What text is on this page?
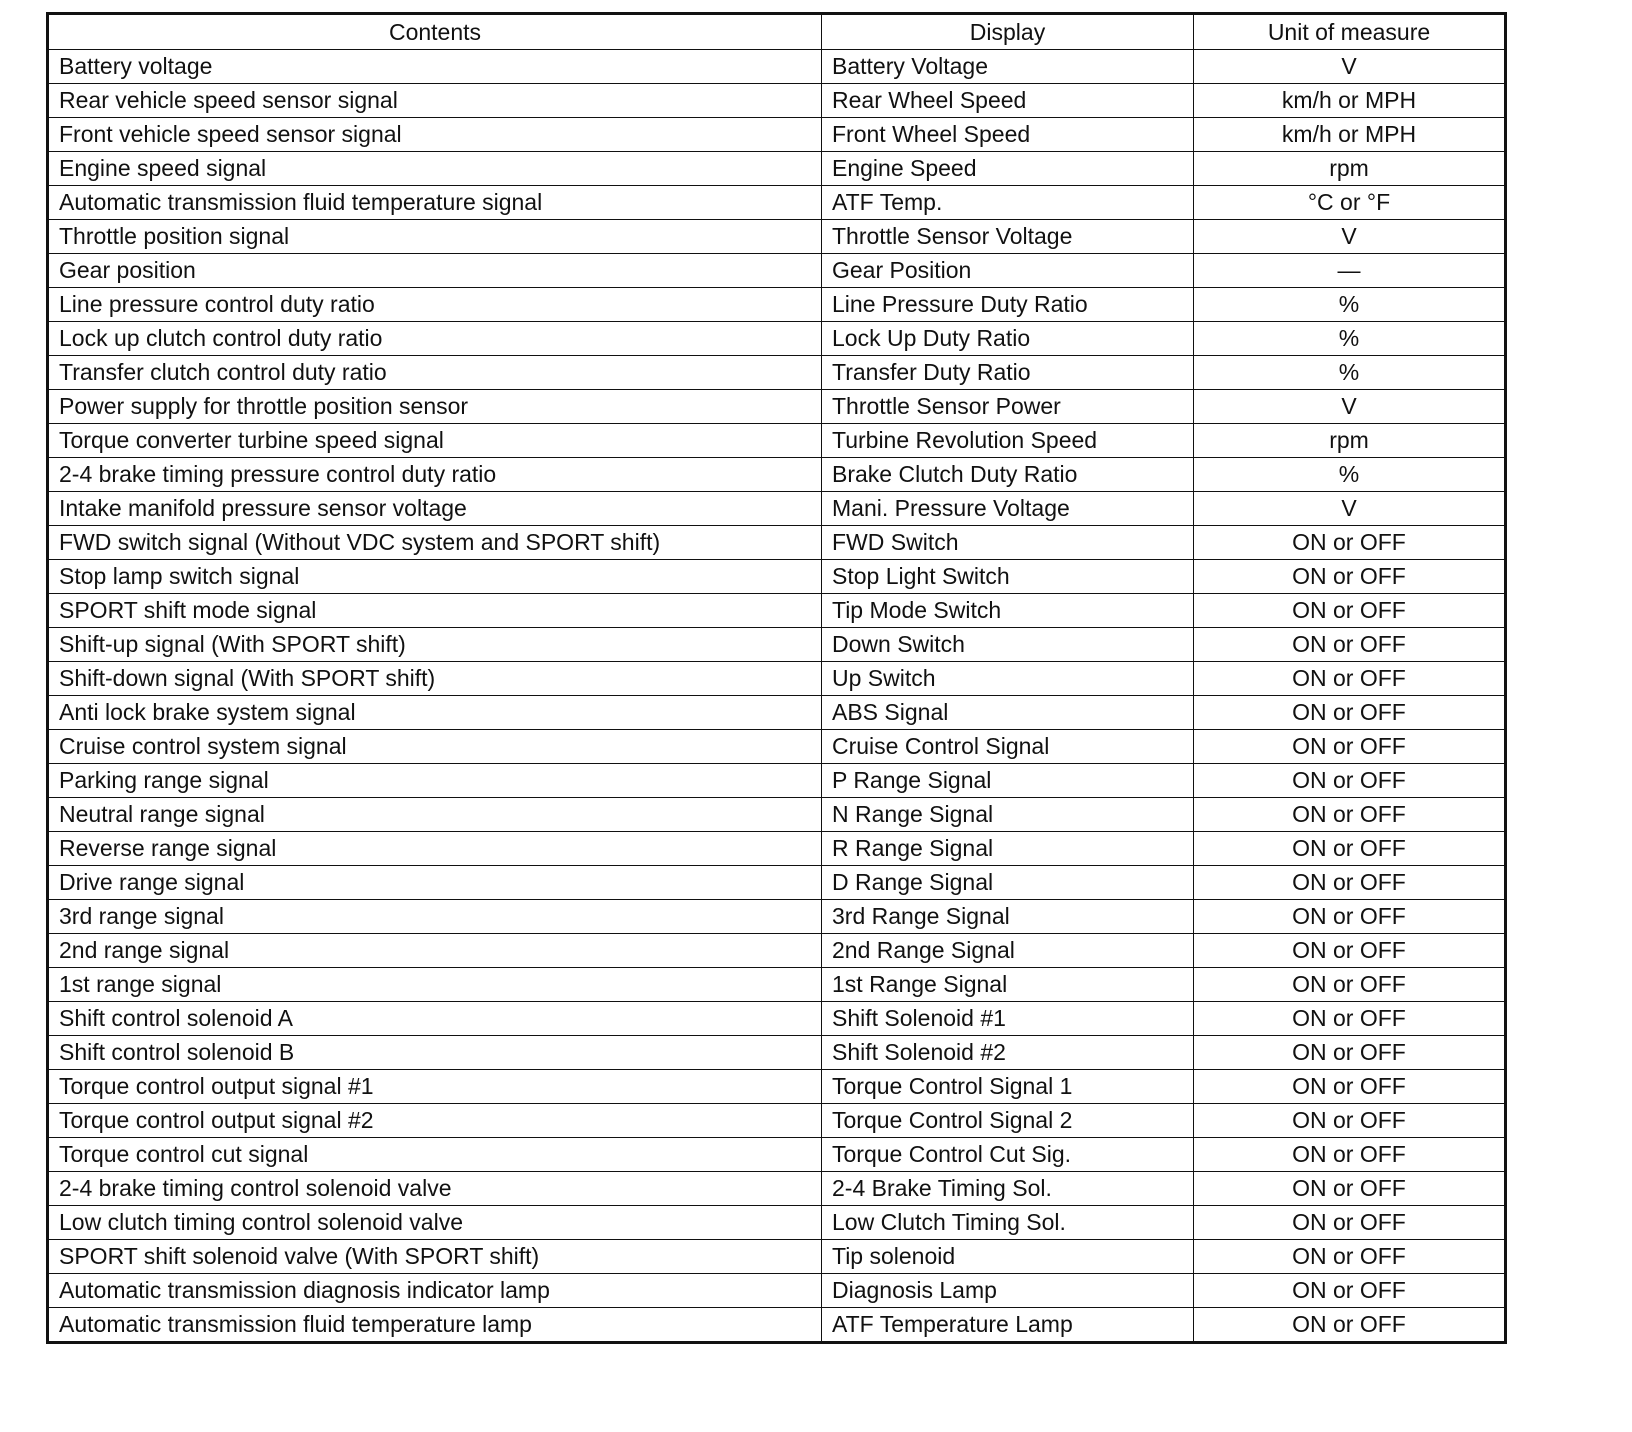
Contents	Display	Unit of measure
Battery voltage	Battery Voltage	V
Rear vehicle speed sensor signal	Rear Wheel Speed	km/h or MPH
Front vehicle speed sensor signal	Front Wheel Speed	km/h or MPH
Engine speed signal	Engine Speed	rpm
Automatic transmission fluid temperature signal	ATF Temp.	°C or °F
Throttle position signal	Throttle Sensor Voltage	V
Gear position	Gear Position	—
Line pressure control duty ratio	Line Pressure Duty Ratio	%
Lock up clutch control duty ratio	Lock Up Duty Ratio	%
Transfer clutch control duty ratio	Transfer Duty Ratio	%
Power supply for throttle position sensor	Throttle Sensor Power	V
Torque converter turbine speed signal	Turbine Revolution Speed	rpm
2-4 brake timing pressure control duty ratio	Brake Clutch Duty Ratio	%
Intake manifold pressure sensor voltage	Mani. Pressure Voltage	V
FWD switch signal (Without VDC system and SPORT shift)	FWD Switch	ON or OFF
Stop lamp switch signal	Stop Light Switch	ON or OFF
SPORT shift mode signal	Tip Mode Switch	ON or OFF
Shift-up signal (With SPORT shift)	Down Switch	ON or OFF
Shift-down signal (With SPORT shift)	Up Switch	ON or OFF
Anti lock brake system signal	ABS Signal	ON or OFF
Cruise control system signal	Cruise Control Signal	ON or OFF
Parking range signal	P Range Signal	ON or OFF
Neutral range signal	N Range Signal	ON or OFF
Reverse range signal	R Range Signal	ON or OFF
Drive range signal	D Range Signal	ON or OFF
3rd range signal	3rd Range Signal	ON or OFF
2nd range signal	2nd Range Signal	ON or OFF
1st range signal	1st Range Signal	ON or OFF
Shift control solenoid A	Shift Solenoid #1	ON or OFF
Shift control solenoid B	Shift Solenoid #2	ON or OFF
Torque control output signal #1	Torque Control Signal 1	ON or OFF
Torque control output signal #2	Torque Control Signal 2	ON or OFF
Torque control cut signal	Torque Control Cut Sig.	ON or OFF
2-4 brake timing control solenoid valve	2-4 Brake Timing Sol.	ON or OFF
Low clutch timing control solenoid valve	Low Clutch Timing Sol.	ON or OFF
SPORT shift solenoid valve (With SPORT shift)	Tip solenoid	ON or OFF
Automatic transmission diagnosis indicator lamp	Diagnosis Lamp	ON or OFF
Automatic transmission fluid temperature lamp	ATF Temperature Lamp	ON or OFF
